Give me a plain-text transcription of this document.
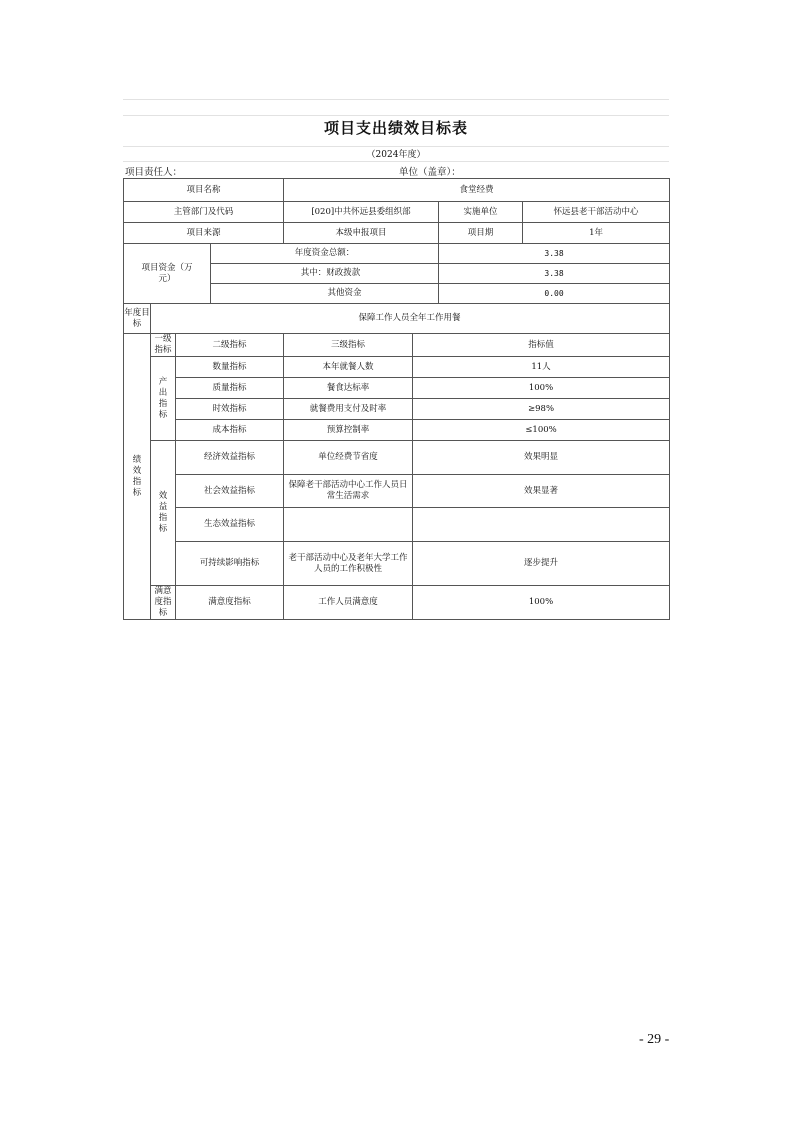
项目支出绩效目标表
（2024年度）
项目责任人：	单位（盖章）：
项目名称				食堂经费			
主管部门及代码				[020]中共怀远县委组织部		实施单位	怀远县老干部活动中心
项目来源				本级申报项目		项目期	1年
项目资金（万元）			年度资金总额：			3.38	
			其中：财政拨款			3.38	
			其他资金			0.00	
年度目标	保障工作人员全年工作用餐						
绩效指标	一级指标	二级指标		三级指标	指标值		
	产出指标	数量指标		本年就餐人数	11人		
		质量指标		餐食达标率	100%		
		时效指标		就餐费用支付及时率	≥98%		
		成本指标		预算控制率	≤100%		
	效益指标	经济效益指标		单位经费节省度	效果明显		
		社会效益指标		保障老干部活动中心工作人员日常生活需求	效果显著		
		生态效益指标					
		可持续影响指标		老干部活动中心及老年大学工作人员的工作积极性	逐步提升		
	满意度指标	满意度指标		工作人员满意度	100%		
- 29 -
